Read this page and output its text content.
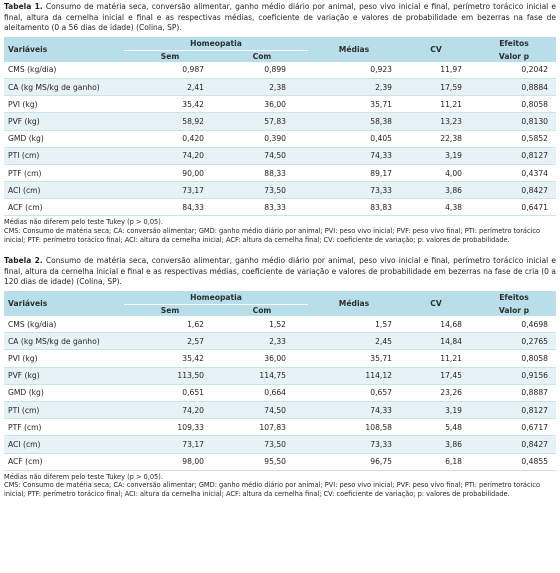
Tabela 1. Consumo de matéria seca, conversão alimentar, ganho médio diário por animal, peso vivo inicial e final, perímetro torácico inicial e final, altura da cernelha inicial e final e as respectivas médias, coeficiente de variação e valores de probabilidade em bezerras na fase de aleitamento (0 a 56 dias de idade) (Colina, SP).

Variáveis	Homeopatia		Médias	CV	Efeitos
	Sem	Com			Valor p
CMS (kg/dia)	0,987	0,899	0,923	11,97	0,2042
CA (kg MS/kg de ganho)	2,41	2,38	2,39	17,59	0,8884
PVI (kg)	35,42	36,00	35,71	11,21	0,8058
PVF (kg)	58,92	57,83	58,38	13,23	0,8130
GMD (kg)	0,420	0,390	0,405	22,38	0,5852
PTI (cm)	74,20	74,50	74,33	3,19	0,8127
PTF (cm)	90,00	88,33	89,17	4,00	0,4374
ACI (cm)	73,17	73,50	73,33	3,86	0,8427
ACF (cm)	84,33	83,33	83,83	4,38	0,6471

Médias não diferem pelo teste Tukey (p > 0,05).
CMS: Consumo de matéria seca; CA: conversão alimentar; GMD: ganho médio diário por animal; PVI: peso vivo inicial; PVF: peso vivo final; PTI: perímetro torácico inicial; PTF: perímetro torácico final; ACI: altura da cernelha inicial; ACF: altura da cernelha final; CV: coeficiente de variação; p: valores de probabilidade.

Tabela 2. Consumo de matéria seca, conversão alimentar, ganho médio diário por animal, peso vivo inicial e final, perímetro torácico inicial e final, altura da cernelha inicial e final e as respectivas médias, coeficiente de variação e valores de probabilidade em bezerras na fase de cria (0 a 120 dias de idade) (Colina, SP).

Variáveis	Homeopatia		Médias	CV	Efeitos
	Sem	Com			Valor p
CMS (kg/dia)	1,62	1,52	1,57	14,68	0,4698
CA (kg MS/kg de ganho)	2,57	2,33	2,45	14,84	0,2765
PVI (kg)	35,42	36,00	35,71	11,21	0,8058
PVF (kg)	113,50	114,75	114,12	17,45	0,9156
GMD (kg)	0,651	0,664	0,657	23,26	0,8887
PTI (cm)	74,20	74,50	74,33	3,19	0,8127
PTF (cm)	109,33	107,83	108,58	5,48	0,6717
ACI (cm)	73,17	73,50	73,33	3,86	0,8427
ACF (cm)	98,00	95,50	96,75	6,18	0,4855

Médias não diferem pelo teste Tukey (p > 0,05).
CMS: Consumo de matéria seca; CA: conversão alimentar; GMD: ganho médio diário por animal; PVI: peso vivo inicial; PVF: peso vivo final; PTI: perímetro torácico inicial; PTF: perímetro torácico final; ACI: altura da cernelha inicial; ACF: altura da cernelha final; CV: coeficiente de variação; p: valores de probabilidade.
